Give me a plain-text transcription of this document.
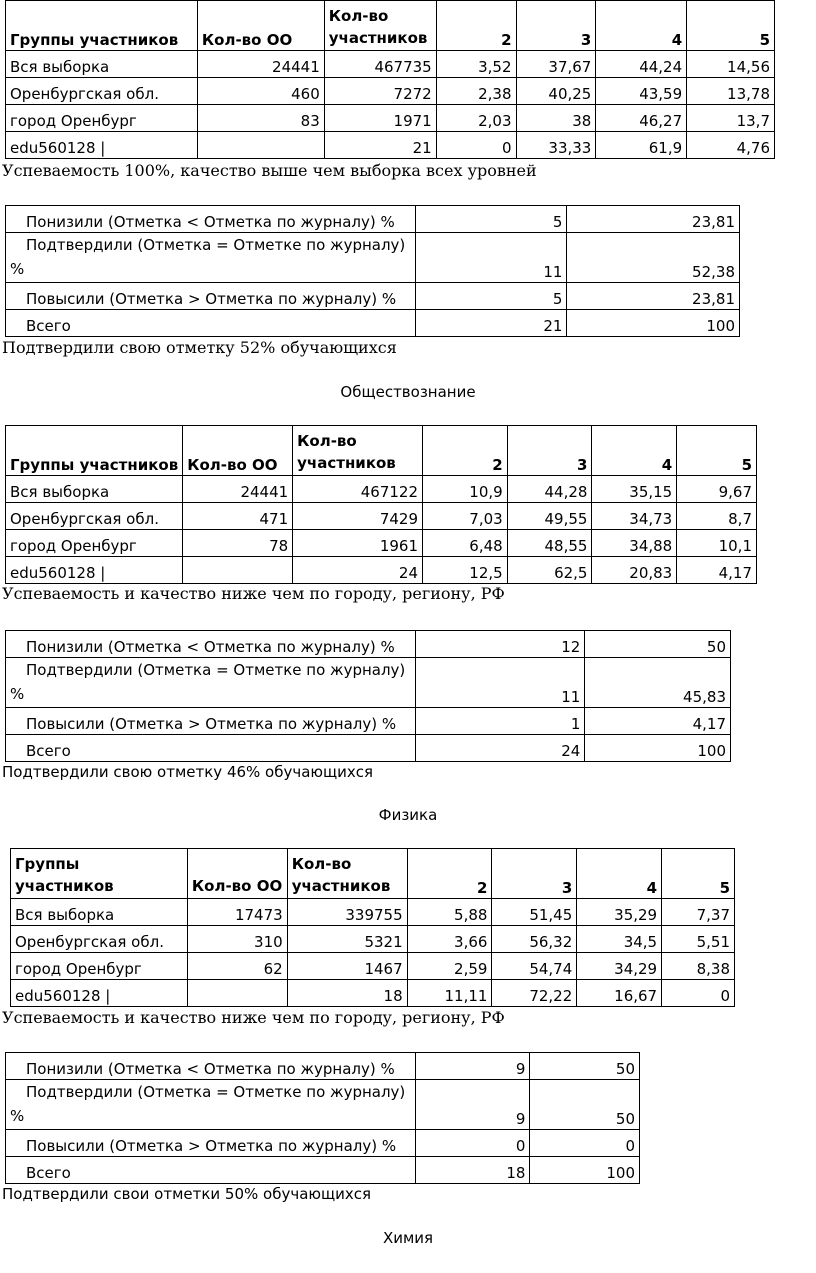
Группы участников	Кол-во ОО	Кол-во участников	2	3	4	5
Вся выборка	24441	467735	3,52	37,67	44,24	14,56
Оренбургская обл.	460	7272	2,38	40,25	43,59	13,78
город Оренбург	83	1971	2,03	38	46,27	13,7
edu560128 |		21	0	33,33	61,9	4,76
Успеваемость 100%, качество выше чем выборка всех уровней
Понизили (Отметка < Отметка по журналу) %	5	23,81
Подтвердили (Отметка = Отметке по журналу) %	11	52,38
Повысили (Отметка > Отметка по журналу) %	5	23,81
Всего	21	100
Подтвердили свою отметку 52% обучающихся
Обществознание
Группы участников	Кол-во ОО	Кол-во участников	2	3	4	5
Вся выборка	24441	467122	10,9	44,28	35,15	9,67
Оренбургская обл.	471	7429	7,03	49,55	34,73	8,7
город Оренбург	78	1961	6,48	48,55	34,88	10,1
edu560128 |		24	12,5	62,5	20,83	4,17
Успеваемость и качество ниже чем по городу, региону, РФ
Понизили (Отметка < Отметка по журналу) %	12	50
Подтвердили (Отметка = Отметке по журналу) %	11	45,83
Повысили (Отметка > Отметка по журналу) %	1	4,17
Всего	24	100
Подтвердили свою отметку 46% обучающихся
Физика
Группы участников	Кол-во ОО	Кол-во участников	2	3	4	5
Вся выборка	17473	339755	5,88	51,45	35,29	7,37
Оренбургская обл.	310	5321	3,66	56,32	34,5	5,51
город Оренбург	62	1467	2,59	54,74	34,29	8,38
edu560128 |		18	11,11	72,22	16,67	0
Успеваемость и качество ниже чем по городу, региону, РФ
Понизили (Отметка < Отметка по журналу) %	9	50
Подтвердили (Отметка = Отметке по журналу) %	9	50
Повысили (Отметка > Отметка по журналу) %	0	0
Всего	18	100
Подтвердили свои отметки 50% обучающихся
Химия
